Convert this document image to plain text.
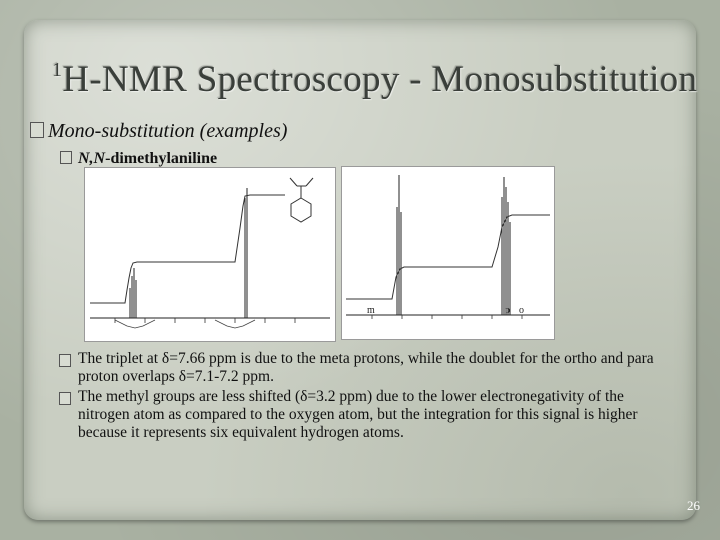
$^1$H-NMR Spectroscopy - Monosubstitution
Mono-substitution (examples)
N,N-dimethylaniline
m	p o
The triplet at δ=7.66 ppm is due to the meta protons, while the doublet for the ortho and para proton overlaps δ=7.1-7.2 ppm.
The methyl groups are less shifted (δ=3.2 ppm) due to the lower electronegativity of the nitrogen atom as compared to the oxygen atom, but the integration for this signal is higher because it represents six equivalent hydrogen atoms.
26
